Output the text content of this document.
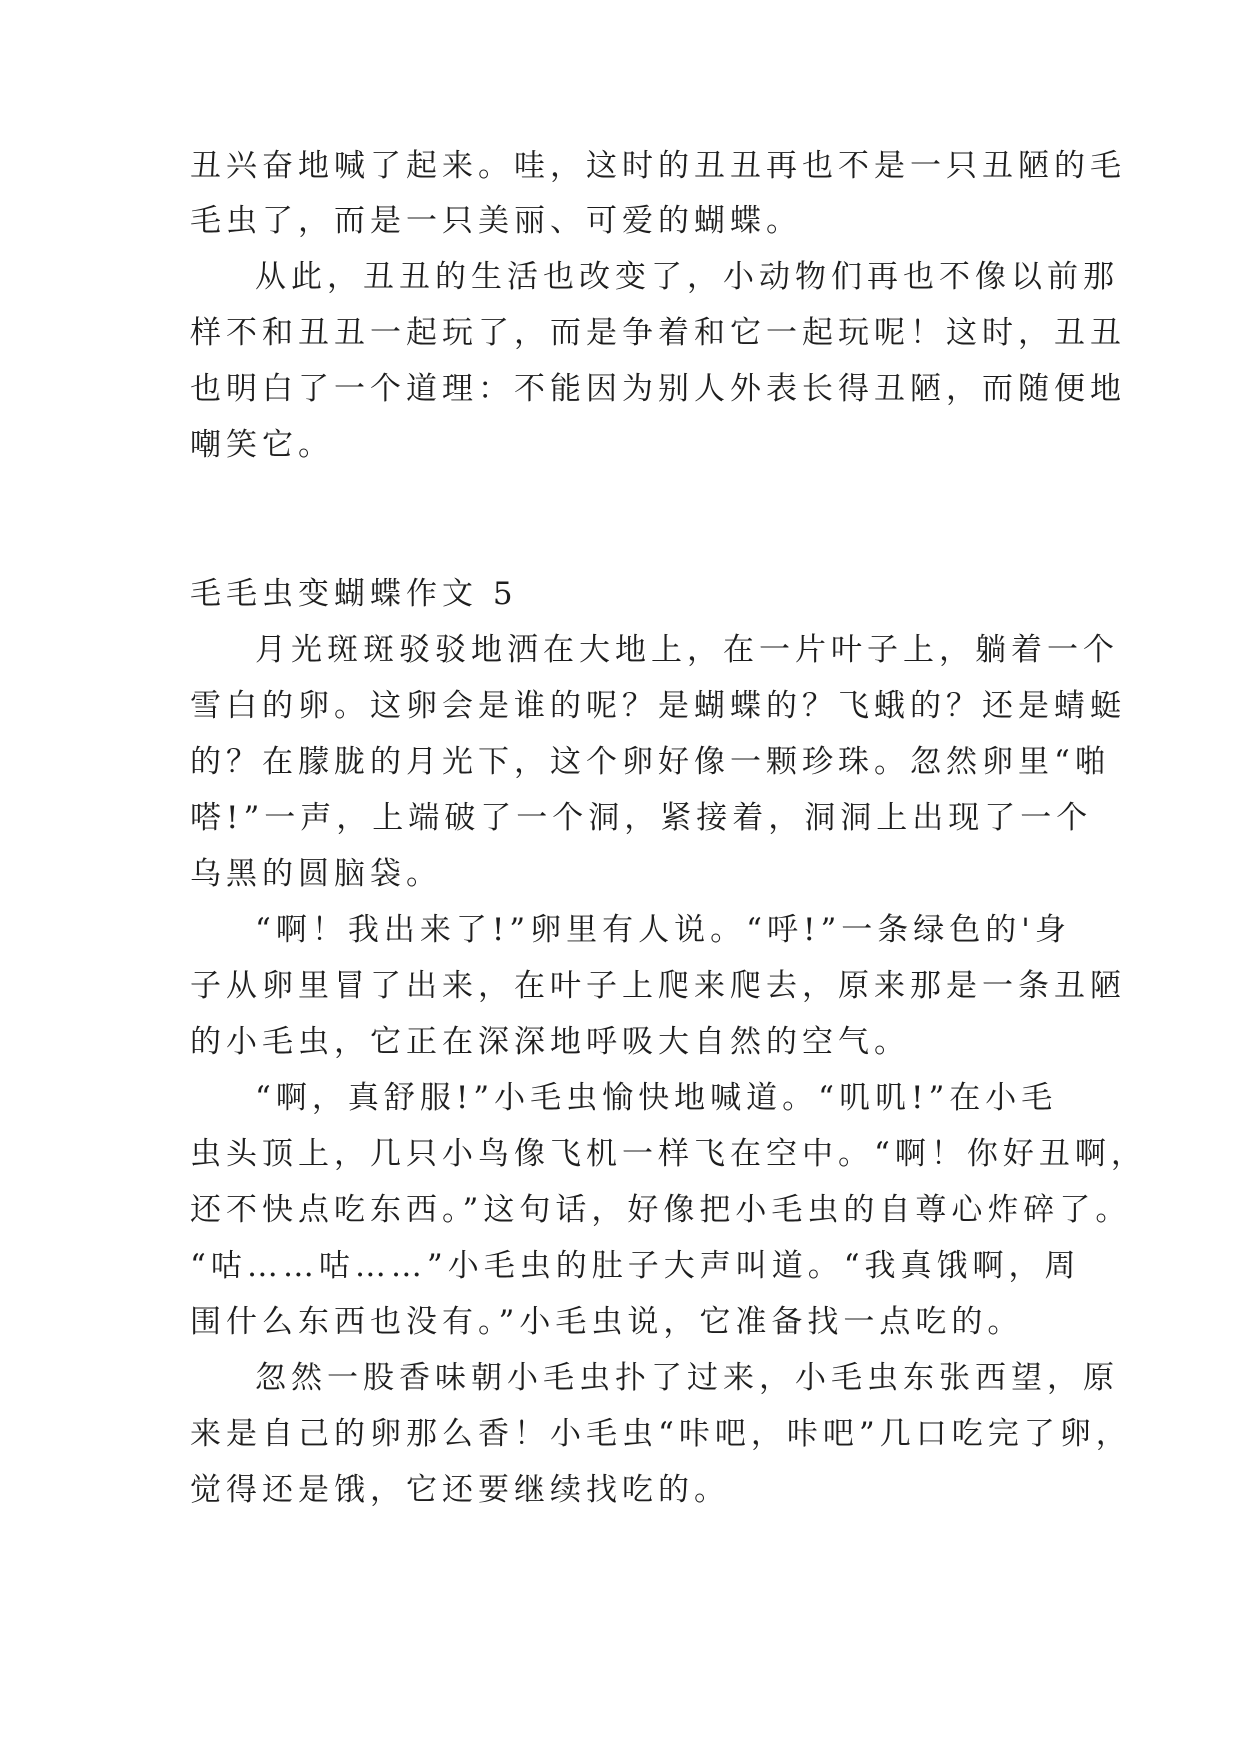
丑兴奋地喊了起来。哇，这时的丑丑再也不是一只丑陋的毛
毛虫了，而是一只美丽、可爱的蝴蝶。
从此，丑丑的生活也改变了，小动物们再也不像以前那
样不和丑丑一起玩了，而是争着和它一起玩呢！这时，丑丑
也明白了一个道理：不能因为别人外表长得丑陋，而随便地
嘲笑它。
毛毛虫变蝴蝶作文 5
月光斑斑驳驳地洒在大地上，在一片叶子上，躺着一个
雪白的卵。这卵会是谁的呢？是蝴蝶的？飞蛾的？还是蜻蜓
的？在朦胧的月光下，这个卵好像一颗珍珠。忽然卵里“啪
嗒!”一声，上端破了一个洞，紧接着，洞洞上出现了一个
乌黑的圆脑袋。
“啊！我出来了!”卵里有人说。“呼!”一条绿色的'身
子从卵里冒了出来，在叶子上爬来爬去，原来那是一条丑陋
的小毛虫，它正在深深地呼吸大自然的空气。
“啊，真舒服!”小毛虫愉快地喊道。“叽叽!”在小毛
虫头顶上，几只小鸟像飞机一样飞在空中。“啊！你好丑啊，
还不快点吃东西。”这句话，好像把小毛虫的自尊心炸碎了。
“咕……咕……”小毛虫的肚子大声叫道。“我真饿啊，周
围什么东西也没有。”小毛虫说，它准备找一点吃的。
忽然一股香味朝小毛虫扑了过来，小毛虫东张西望，原
来是自己的卵那么香！小毛虫“咔吧，咔吧”几口吃完了卵，
觉得还是饿，它还要继续找吃的。
